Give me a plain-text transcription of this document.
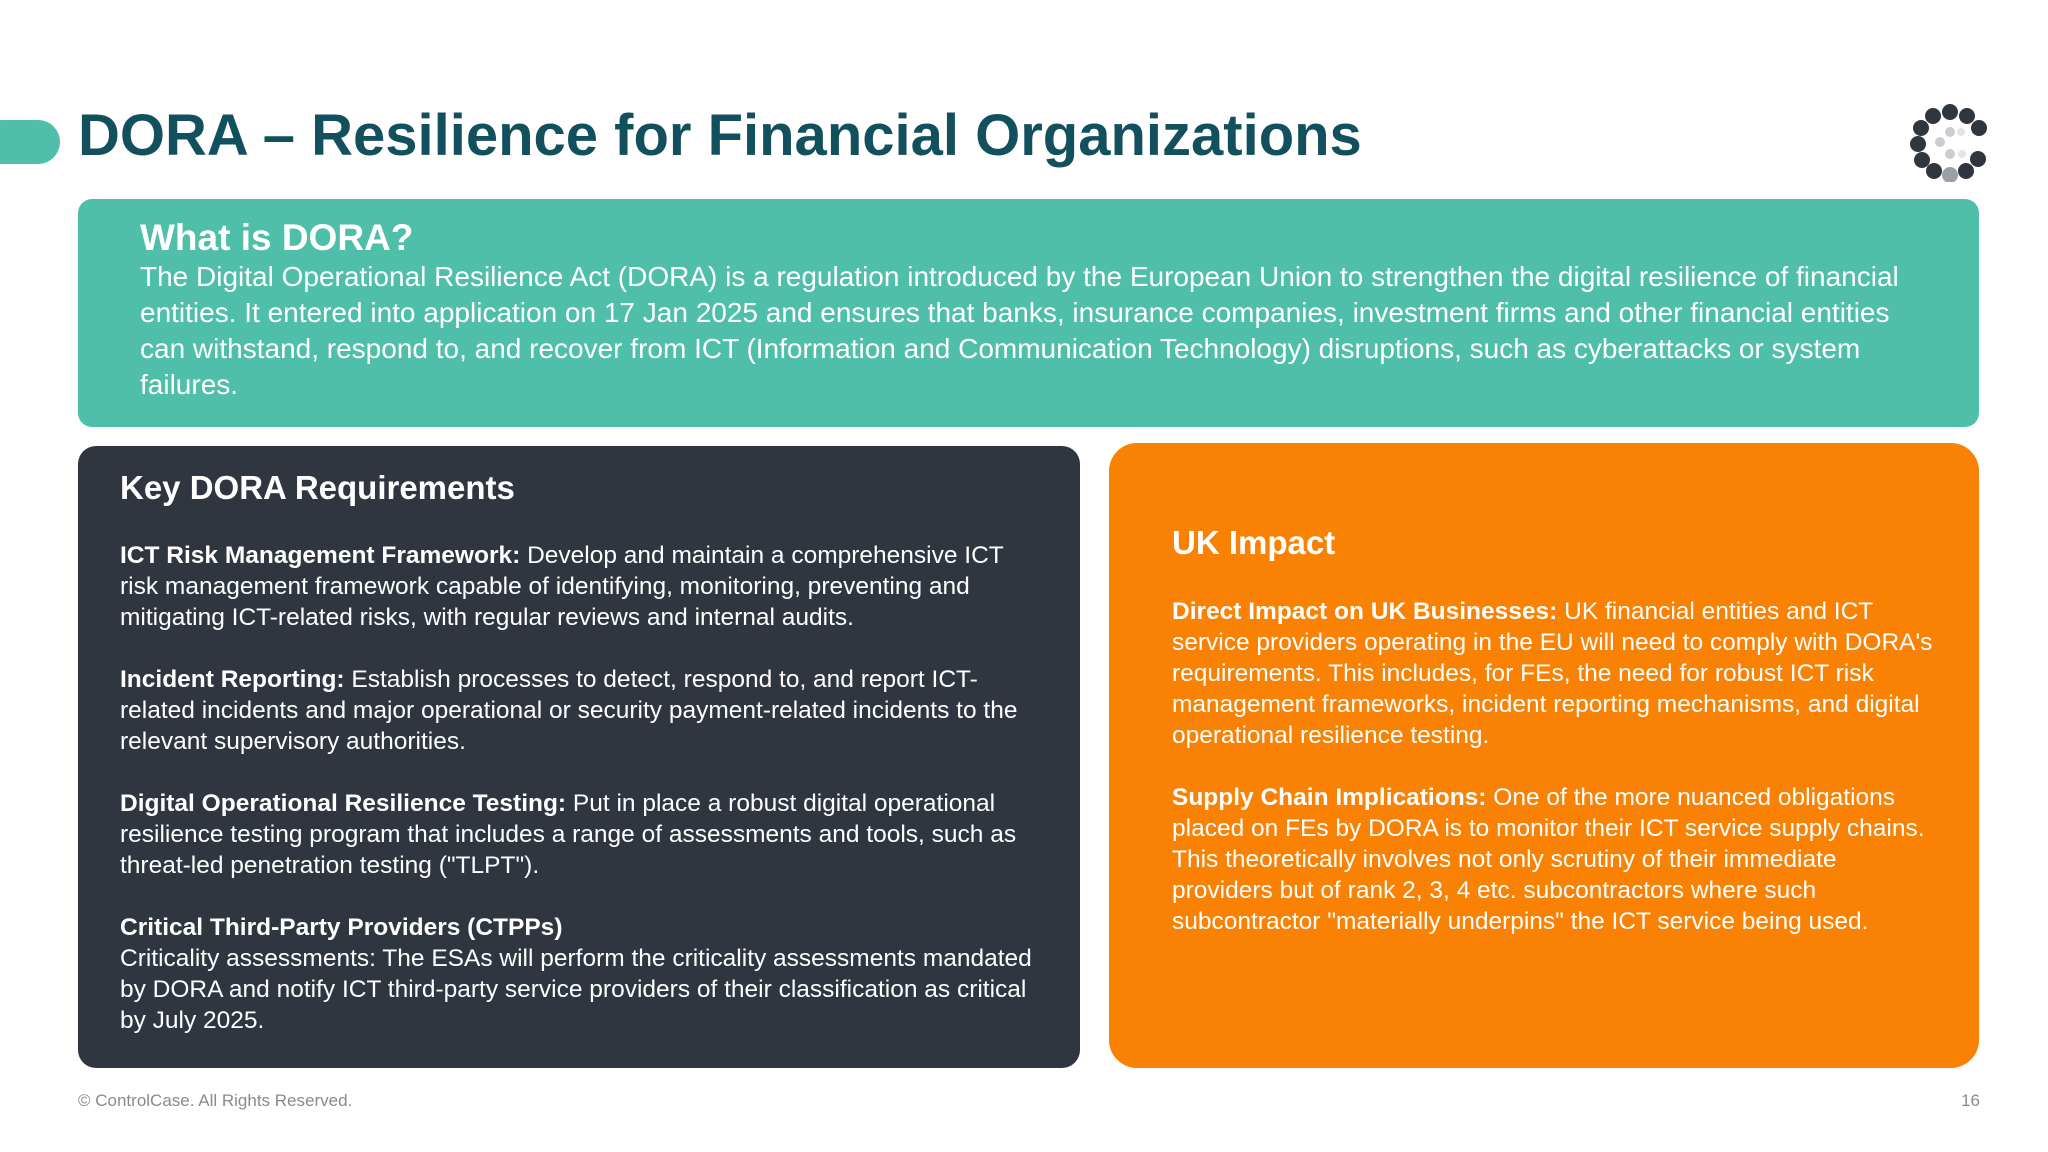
DORA – Resilience for Financial Organizations
What is DORA?

The Digital Operational Resilience Act (DORA) is a regulation introduced by the European Union to strengthen the digital resilience of financial entities. It entered into application on 17 Jan 2025 and ensures that banks, insurance companies, investment firms and other financial entities can withstand, respond to, and recover from ICT (Information and Communication Technology) disruptions, such as cyberattacks or system failures.

Key DORA Requirements

ICT Risk Management Framework: Develop and maintain a comprehensive ICT risk management framework capable of identifying, monitoring, preventing and mitigating ICT-related risks, with regular reviews and internal audits.

Incident Reporting: Establish processes to detect, respond to, and report ICT-related incidents and major operational or security payment-related incidents to the relevant supervisory authorities.

Digital Operational Resilience Testing: Put in place a robust digital operational resilience testing program that includes a range of assessments and tools, such as threat-led penetration testing ("TLPT").

Critical Third-Party Providers (CTPPs)
Criticality assessments: The ESAs will perform the criticality assessments mandated by DORA and notify ICT third-party service providers of their classification as critical by July 2025.

UK Impact

Direct Impact on UK Businesses: UK financial entities and ICT service providers operating in the EU will need to comply with DORA's requirements. This includes, for FEs, the need for robust ICT risk management frameworks, incident reporting mechanisms, and digital operational resilience testing.

Supply Chain Implications: One of the more nuanced obligations placed on FEs by DORA is to monitor their ICT service supply chains. This theoretically involves not only scrutiny of their immediate providers but of rank 2, 3, 4 etc. subcontractors where such subcontractor "materially underpins" the ICT service being used.

© ControlCase. All Rights Reserved.	16
